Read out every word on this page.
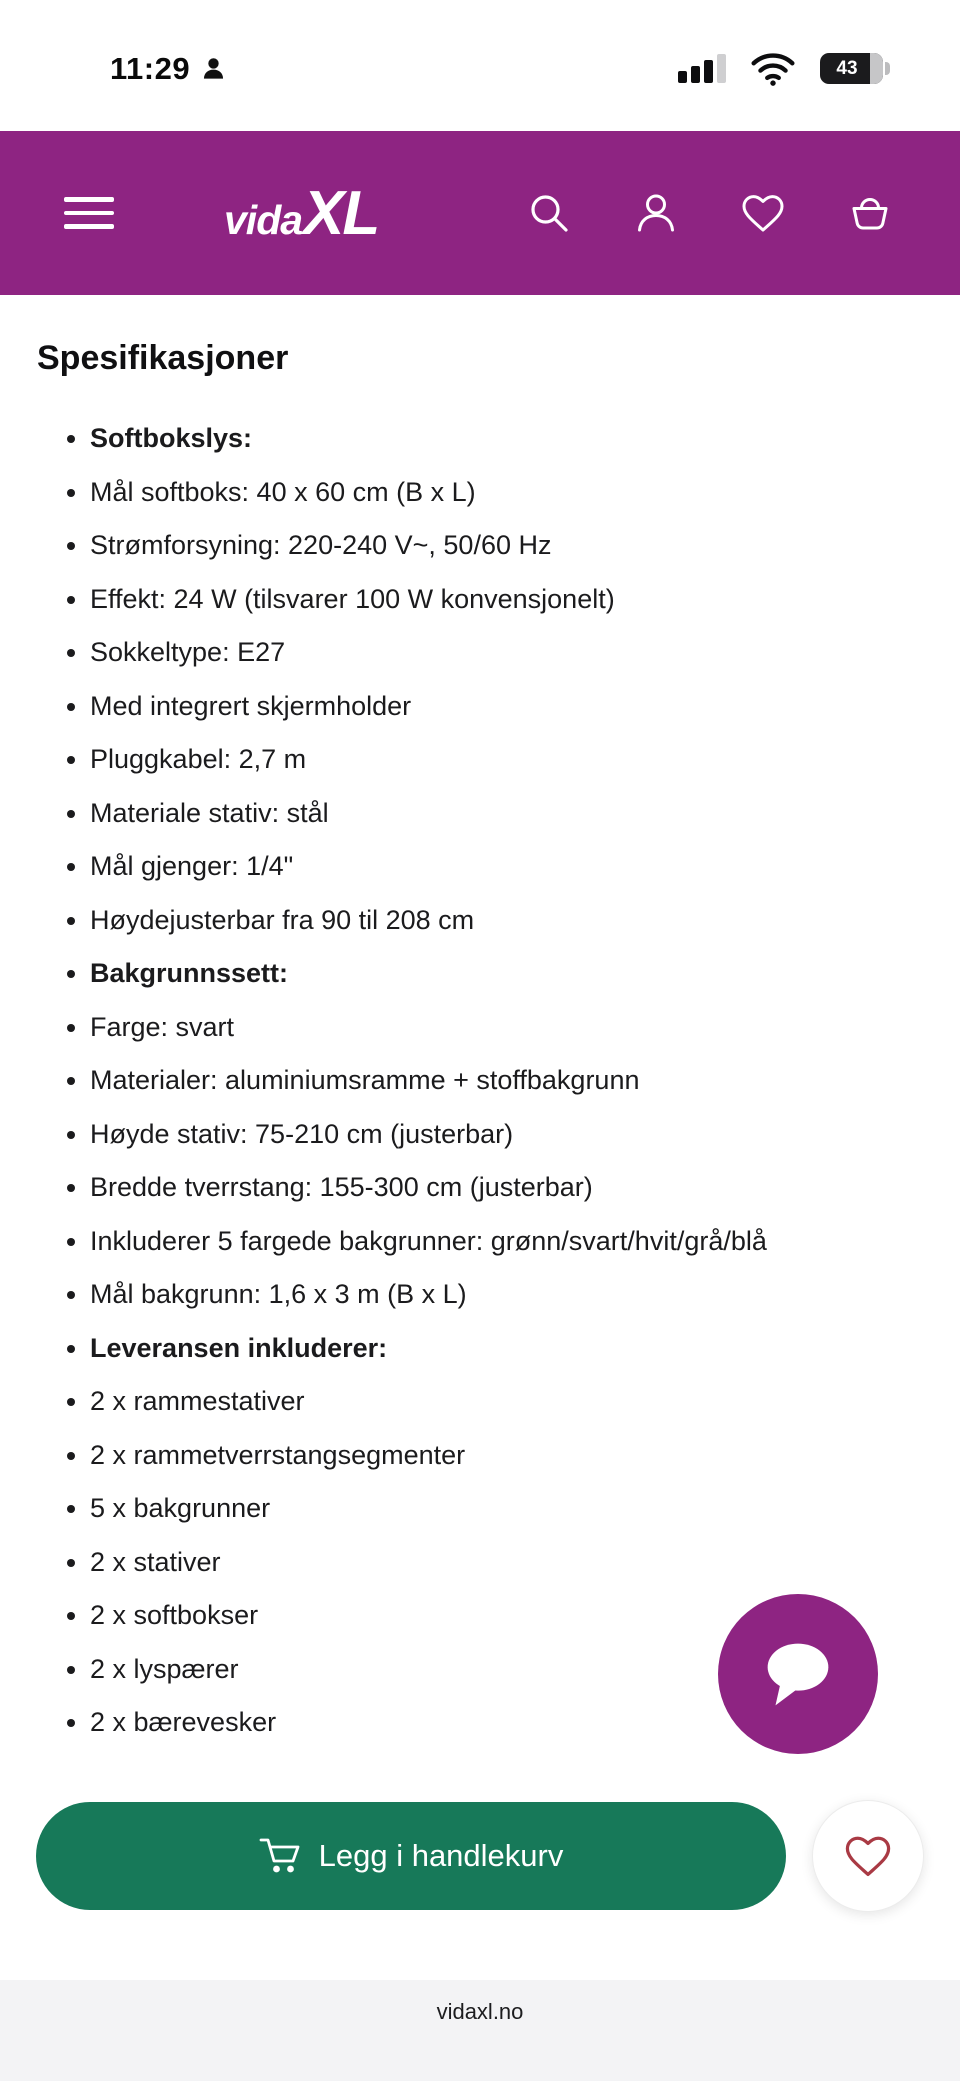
11:29	43
vida XL
Spesifikasjoner
• Softbokslys:
• Mål softboks: 40 x 60 cm (B x L)
• Strømforsyning: 220-240 V~, 50/60 Hz
• Effekt: 24 W (tilsvarer 100 W konvensjonelt)
• Sokkeltype: E27
• Med integrert skjermholder
• Pluggkabel: 2,7 m
• Materiale stativ: stål
• Mål gjenger: 1/4"
• Høydejusterbar fra 90 til 208 cm
• Bakgrunnssett:
• Farge: svart
• Materialer: aluminiumsramme + stoffbakgrunn
• Høyde stativ: 75-210 cm (justerbar)
• Bredde tverrstang: 155-300 cm (justerbar)
• Inkluderer 5 fargede bakgrunner: grønn/svart/hvit/grå/blå
• Mål bakgrunn: 1,6 x 3 m (B x L)
• Leveransen inkluderer:
• 2 x rammestativer
• 2 x rammetverrstangsegmenter
• 5 x bakgrunner
• 2 x stativer
• 2 x softbokser
• 2 x lyspærer
• 2 x bærevesker
•
Legg i handlekurv
vidaxl.no
